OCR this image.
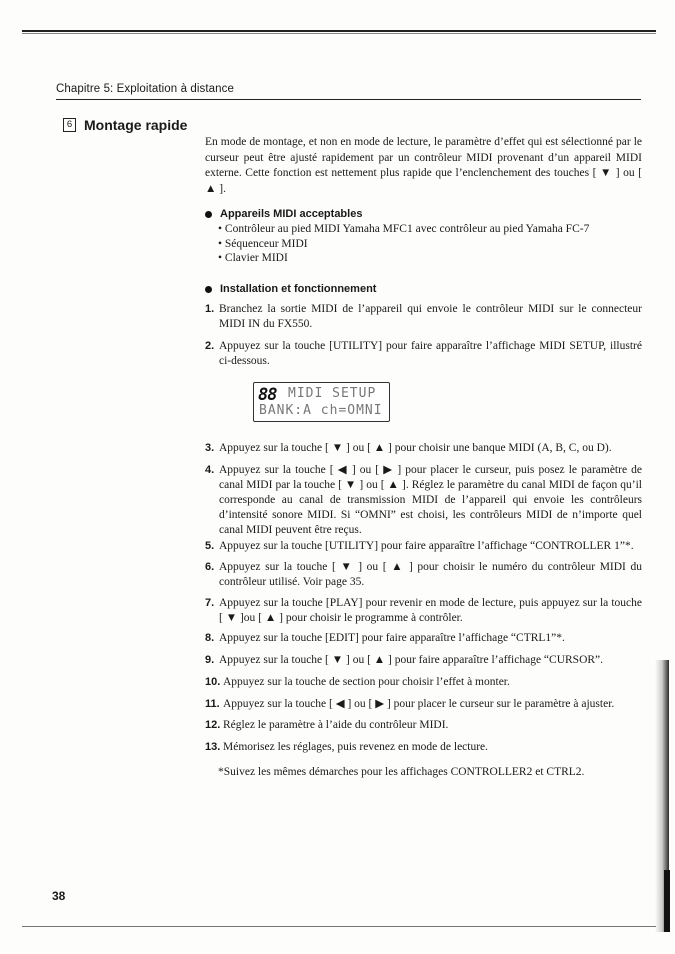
Chapitre 5: Exploitation à distance
6 Montage rapide
En mode de montage, et non en mode de lecture, le paramètre d’effet qui est sélectionné par le curseur peut être ajusté rapidement par un contrôleur MIDI provenant d’un appareil MIDI externe. Cette fonction est nettement plus rapide que l’enclenchement des touches [ ▼ ] ou [ ▲ ].
Appareils MIDI acceptables
• Contrôleur au pied MIDI Yamaha MFC1 avec contrôleur au pied Yamaha FC-7
• Séquenceur MIDI
• Clavier MIDI
Installation et fonctionnement
1. Branchez la sortie MIDI de l’appareil qui envoie le contrôleur MIDI sur le connecteur MIDI IN du FX550.
2. Appuyez sur la touche [UTILITY] pour faire apparaître l’affichage MIDI SETUP, illustré ci-dessous.
88 MIDI SETUP
BANK:A ch=OMNI
3. Appuyez sur la touche [ ▼ ] ou [ ▲ ] pour choisir une banque MIDI (A, B, C, ou D).
4. Appuyez sur la touche [ ◀ ] ou [ ▶ ] pour placer le curseur, puis posez le paramètre de canal MIDI par la touche [ ▼ ] ou [ ▲ ]. Réglez le paramètre du canal MIDI de façon qu’il corresponde au canal de transmission MIDI de l’appareil qui envoie les contrôleurs d’intensité sonore MIDI. Si “OMNI” est choisi, les contrôleurs MIDI de n’importe quel canal MIDI peuvent être reçus.
5. Appuyez sur la touche [UTILITY] pour faire apparaître l’affichage “CONTROLLER 1”*.
6. Appuyez sur la touche [ ▼ ] ou [ ▲ ] pour choisir le numéro du contrôleur MIDI du contrôleur utilisé. Voir page 35.
7. Appuyez sur la touche [PLAY] pour revenir en mode de lecture, puis appuyez sur la touche [ ▼ ]ou [ ▲ ] pour choisir le programme à contrôler.
8. Appuyez sur la touche [EDIT] pour faire apparaître l’affichage “CTRL1”*.
9. Appuyez sur la touche [ ▼ ] ou [ ▲ ] pour faire apparaître l’affichage “CURSOR”.
10. Appuyez sur la touche de section pour choisir l’effet à monter.
11. Appuyez sur la touche [ ◀ ] ou [ ▶ ] pour placer le curseur sur le paramètre à ajuster.
12. Réglez le paramètre à l’aide du contrôleur MIDI.
13. Mémorisez les réglages, puis revenez en mode de lecture.
*Suivez les mêmes démarches pour les affichages CONTROLLER2 et CTRL2.
38
